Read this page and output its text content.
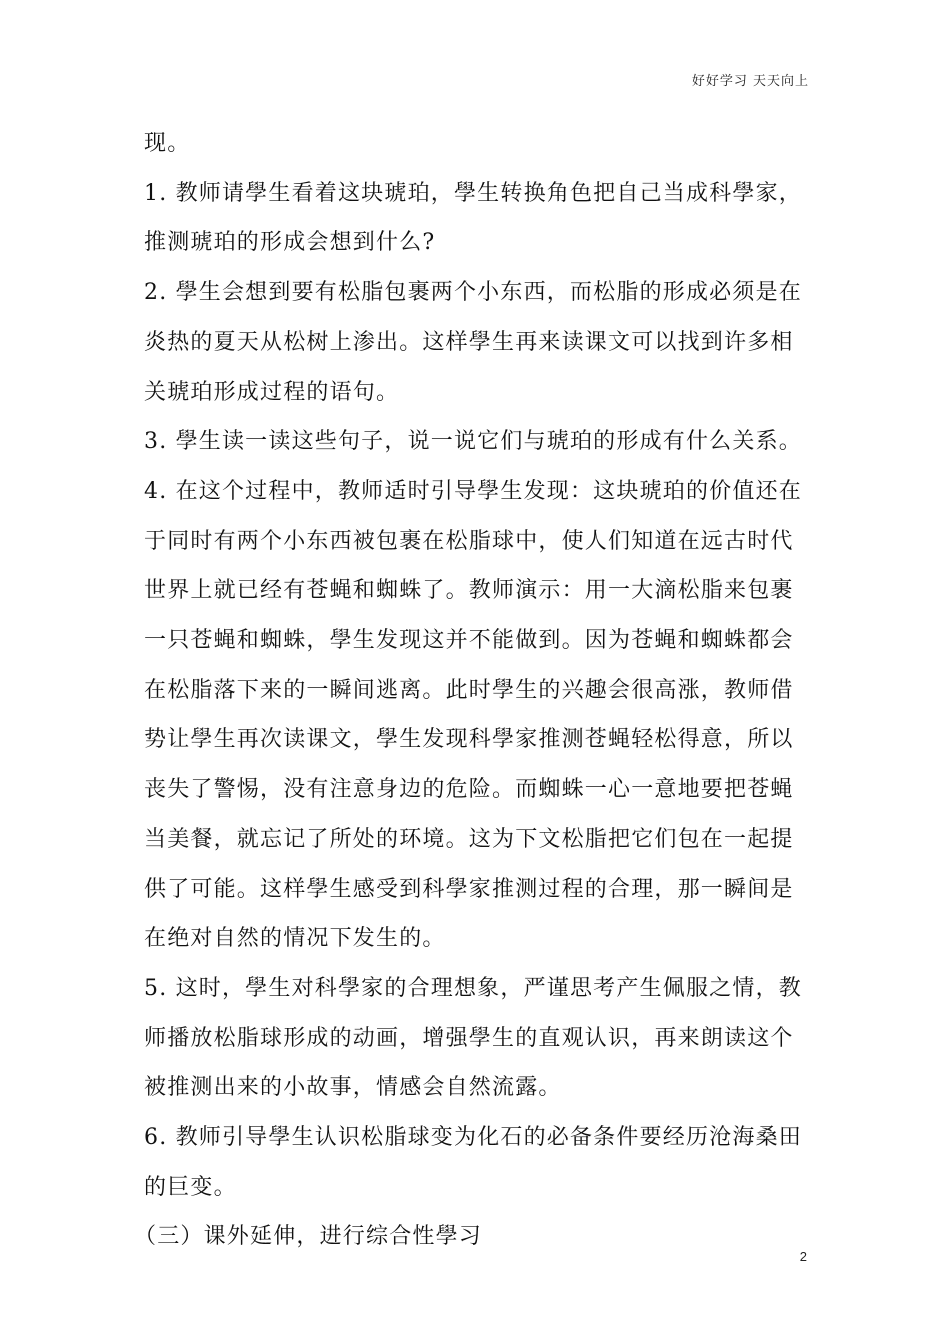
好好学习 天天向上

现。

1. 教师请學生看着这块琥珀，學生转换角色把自己当成科學家，推测琥珀的形成会想到什么?

2. 學生会想到要有松脂包裹两个小东西，而松脂的形成必须是在炎热的夏天从松树上渗出。这样學生再来读课文可以找到许多相关琥珀形成过程的语句。

3. 學生读一读这些句子，说一说它们与琥珀的形成有什么关系。

4. 在这个过程中，教师适时引导學生发现：这块琥珀的价值还在于同时有两个小东西被包裹在松脂球中，使人们知道在远古时代世界上就已经有苍蝇和蜘蛛了。教师演示：用一大滴松脂来包裹一只苍蝇和蜘蛛，學生发现这并不能做到。因为苍蝇和蜘蛛都会在松脂落下来的一瞬间逃离。此时學生的兴趣会很高涨，教师借势让學生再次读课文，學生发现科學家推测苍蝇轻松得意，所以丧失了警惕，没有注意身边的危险。而蜘蛛一心一意地要把苍蝇当美餐，就忘记了所处的环境。这为下文松脂把它们包在一起提供了可能。这样學生感受到科學家推测过程的合理，那一瞬间是在绝对自然的情况下发生的。

5. 这时，學生对科學家的合理想象，严谨思考产生佩服之情，教师播放松脂球形成的动画，增强學生的直观认识，再来朗读这个被推测出来的小故事，情感会自然流露。

6. 教师引导學生认识松脂球变为化石的必备条件要经历沧海桑田的巨变。

（三）课外延伸，进行综合性學习

2
